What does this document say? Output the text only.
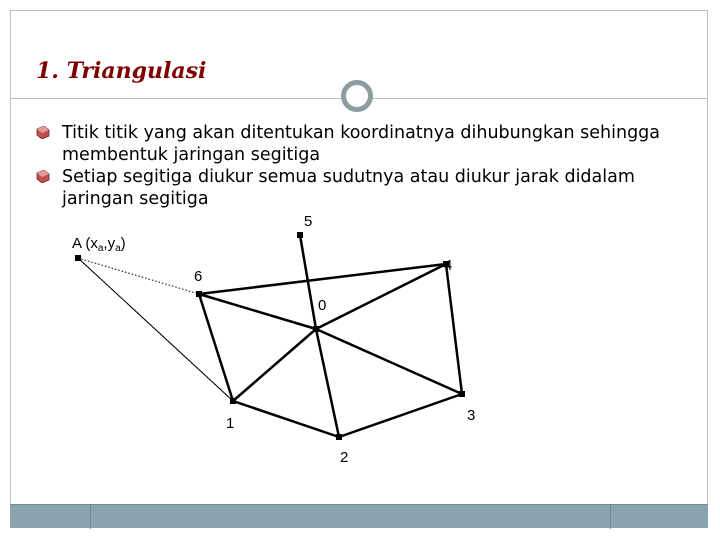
1. Triangulasi
Titik titik yang akan ditentukan koordinatnya dihubungkan sehingga membentuk jaringan segitiga
Setiap segitiga diukur semua sudutnya atau diukur jarak didalam jaringan segitiga
A $(x_a,y_a)$
5
4
6
0
1	3
2
